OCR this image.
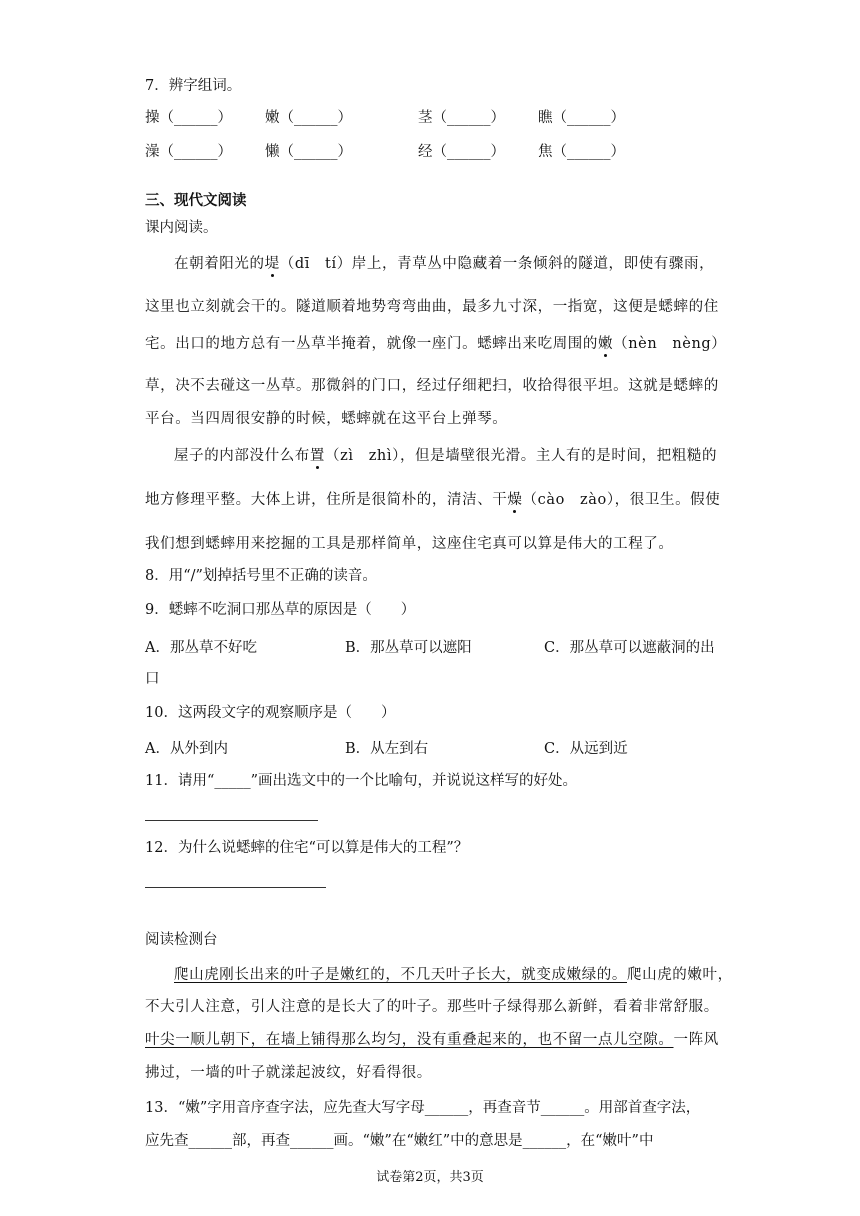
7．辨字组词。
操（______） 嫩（______）	茎（______） 瞧（______）
澡（______） 懒（______）	经（______） 焦（______）
三、现代文阅读
课内阅读。
在朝着阳光的堤（dī　tí）岸上，青草丛中隐藏着一条倾斜的隧道，即使有骤雨，
这里也立刻就会干的。隧道顺着地势弯弯曲曲，最多九寸深，一指宽，这便是蟋蟀的住
宅。出口的地方总有一丛草半掩着，就像一座门。蟋蟀出来吃周围的嫩（nèn　nèng）
草，决不去碰这一丛草。那微斜的门口，经过仔细耙扫，收拾得很平坦。这就是蟋蟀的
平台。当四周很安静的时候，蟋蟀就在这平台上弹琴。
屋子的内部没什么布置（zì　zhì），但是墙壁很光滑。主人有的是时间，把粗糙的
地方修理平整。大体上讲，住所是很简朴的，清洁、干燥（cào　zào），很卫生。假使
我们想到蟋蟀用来挖掘的工具是那样简单，这座住宅真可以算是伟大的工程了。
8．用“/”划掉括号里不正确的读音。
9．蟋蟀不吃洞口那丛草的原因是（　　）
A．那丛草不好吃	B．那丛草可以遮阳	C．那丛草可以遮蔽洞的出
口
10．这两段文字的观察顺序是（　　）
A．从外到内	B．从左到右	C．从远到近
11．请用“_____”画出选文中的一个比喻句，并说说这样写的好处。
12．为什么说蟋蟀的住宅“可以算是伟大的工程”？
阅读检测台
爬山虎刚长出来的叶子是嫩红的，不几天叶子长大，就变成嫩绿的。爬山虎的嫩叶，
不大引人注意，引人注意的是长大了的叶子。那些叶子绿得那么新鲜，看着非常舒服。
叶尖一顺儿朝下，在墙上铺得那么均匀，没有重叠起来的，也不留一点儿空隙。一阵风
拂过，一墙的叶子就漾起波纹，好看得很。
13．“嫩”字用音序查字法，应先查大写字母______，再查音节______。用部首查字法，
应先查______部，再查______画。“嫩”在“嫩红”中的意思是______，在“嫩叶”中
试卷第2页，共3页
